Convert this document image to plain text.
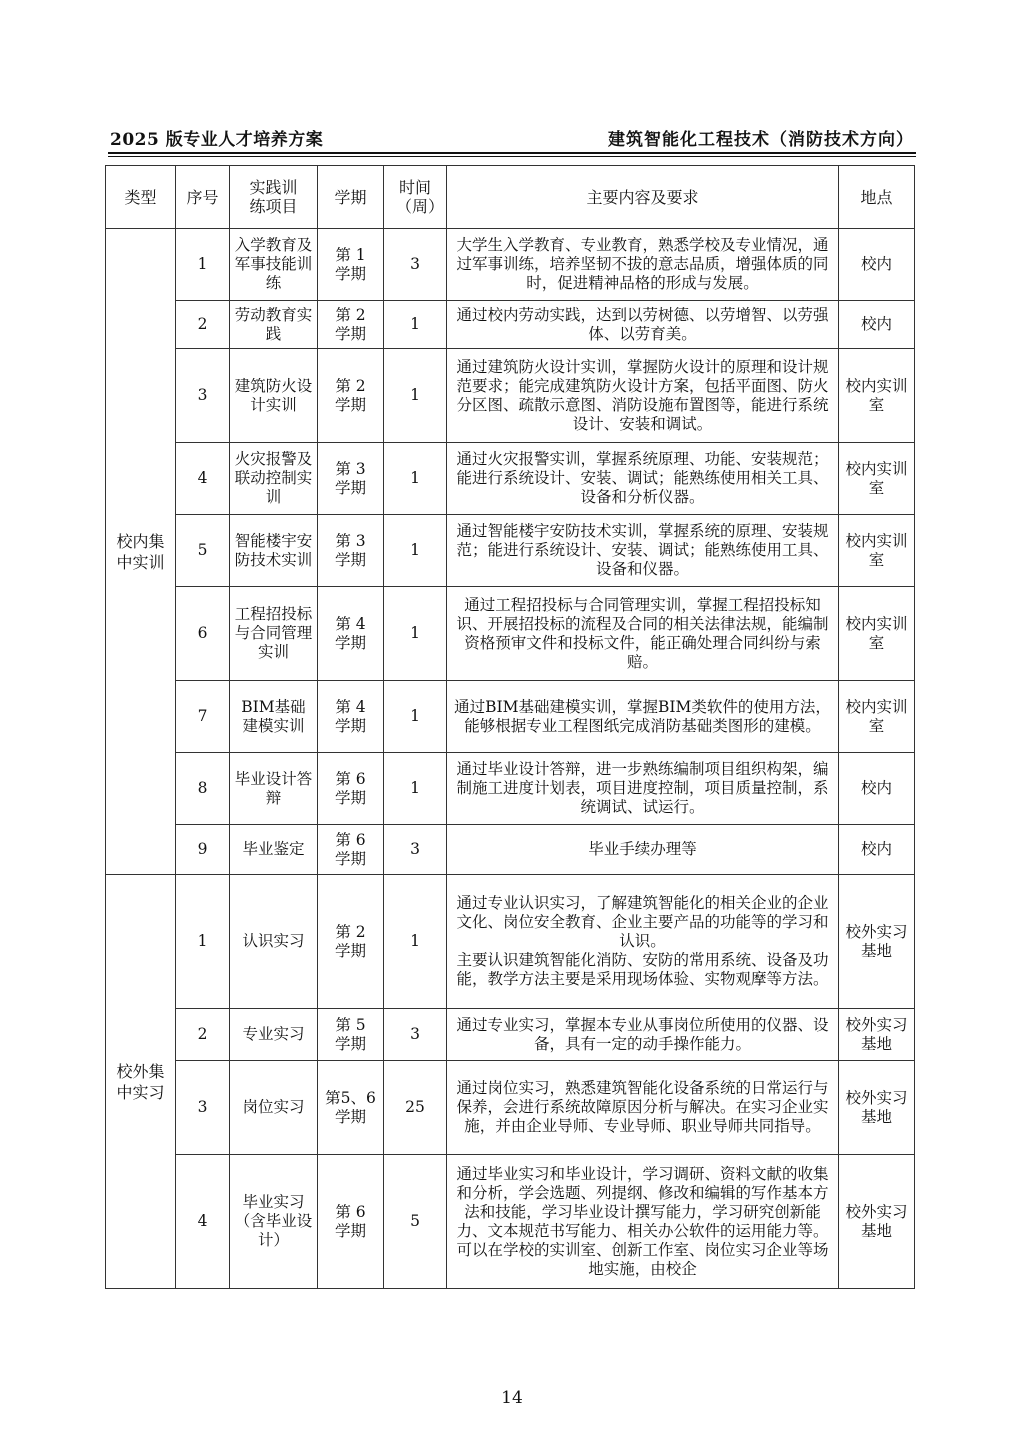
2025 版专业人才培养方案	建筑智能化工程技术（消防技术方向）
类型	序号	实践训练项目	学期	时间（周）	主要内容及要求	地点
校内集中实训	1	入学教育及军事技能训练	第 1 学期	3	大学生入学教育、专业教育，熟悉学校及专业情况，通过军事训练，培养坚韧不拔的意志品质，增强体质的同时，促进精神品格的形成与发展。	校内
	2	劳动教育实践	第 2 学期	1	通过校内劳动实践，达到以劳树德、以劳增智、以劳强体、以劳育美。	校内
	3	建筑防火设计实训	第 2 学期	1	通过建筑防火设计实训，掌握防火设计的原理和设计规范要求；能完成建筑防火设计方案，包括平面图、防火分区图、疏散示意图、消防设施布置图等，能进行系统设计、安装和调试。	校内实训室
	4	火灾报警及联动控制实训	第 3 学期	1	通过火灾报警实训，掌握系统原理、功能、安装规范；能进行系统设计、安装、调试；能熟练使用相关工具、设备和分析仪器。	校内实训室
	5	智能楼宇安防技术实训	第 3 学期	1	通过智能楼宇安防技术实训，掌握系统的原理、安装规范；能进行系统设计、安装、调试；能熟练使用工具、设备和仪器。	校内实训室
	6	工程招投标与合同管理实训	第 4 学期	1	通过工程招投标与合同管理实训，掌握工程招投标知识、开展招投标的流程及合同的相关法律法规，能编制资格预审文件和投标文件，能正确处理合同纠纷与索赔。	校内实训室
	7	BIM基础建模实训	第 4 学期	1	通过BIM基础建模实训，掌握BIM类软件的使用方法，能够根据专业工程图纸完成消防基础类图形的建模。	校内实训室
	8	毕业设计答辩	第 6 学期	1	通过毕业设计答辩，进一步熟练编制项目组织构架，编制施工进度计划表，项目进度控制，项目质量控制，系统调试、试运行。	校内
	9	毕业鉴定	第 6 学期	3	毕业手续办理等	校内
校外集中实习	1	认识实习	第 2 学期	1	通过专业认识实习，了解建筑智能化的相关企业的企业文化、岗位安全教育、企业主要产品的功能等的学习和认识。
主要认识建筑智能化消防、安防的常用系统、设备及功能，教学方法主要是采用现场体验、实物观摩等方法。	校外实习基地
	2	专业实习	第 5 学期	3	通过专业实习，掌握本专业从事岗位所使用的仪器、设备，具有一定的动手操作能力。	校外实习基地
	3	岗位实习	第5、6 学期	25	通过岗位实习，熟悉建筑智能化设备系统的日常运行与保养，会进行系统故障原因分析与解决。在实习企业实施，并由企业导师、专业导师、职业导师共同指导。	校外实习基地
	4	毕业实习（含毕业设计）	第 6 学期	5	通过毕业实习和毕业设计，学习调研、资料文献的收集和分析，学会选题、列提纲、修改和编辑的写作基本方法和技能，学习毕业设计撰写能力，学习研究创新能力、文本规范书写能力、相关办公软件的运用能力等。可以在学校的实训室、创新工作室、岗位实习企业等场地实施，由校企	校外实习基地
14
